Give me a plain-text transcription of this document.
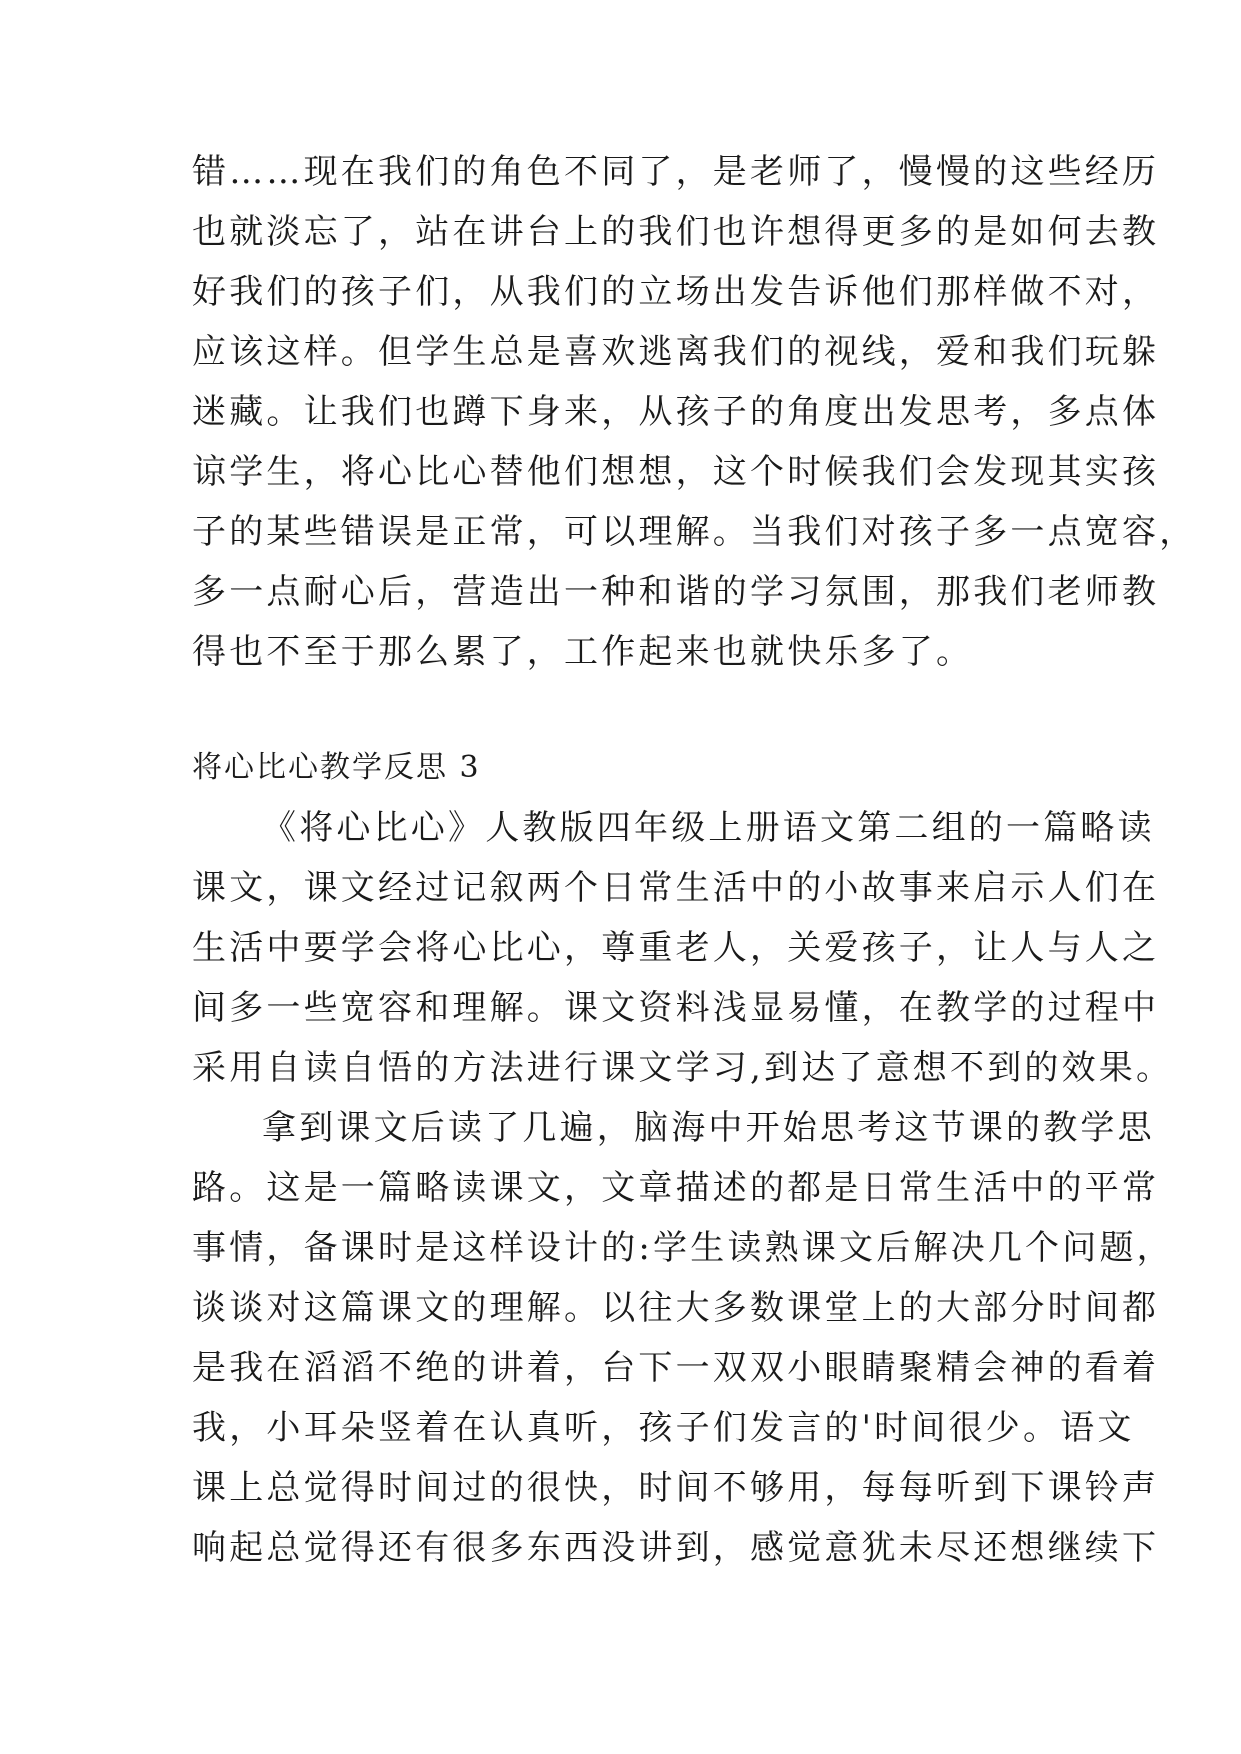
错……现在我们的角色不同了，是老师了，慢慢的这些经历
也就淡忘了，站在讲台上的我们也许想得更多的是如何去教
好我们的孩子们，从我们的立场出发告诉他们那样做不对，
应该这样。但学生总是喜欢逃离我们的视线，爱和我们玩躲
迷藏。让我们也蹲下身来，从孩子的角度出发思考，多点体
谅学生，将心比心替他们想想，这个时候我们会发现其实孩
子的某些错误是正常，可以理解。当我们对孩子多一点宽容，
多一点耐心后，营造出一种和谐的学习氛围，那我们老师教
得也不至于那么累了，工作起来也就快乐多了。
将心比心教学反思 3
《将心比心》人教版四年级上册语文第二组的一篇略读
课文，课文经过记叙两个日常生活中的小故事来启示人们在
生活中要学会将心比心，尊重老人，关爱孩子，让人与人之
间多一些宽容和理解。课文资料浅显易懂，在教学的过程中
采用自读自悟的方法进行课文学习,到达了意想不到的效果。
拿到课文后读了几遍，脑海中开始思考这节课的教学思
路。这是一篇略读课文，文章描述的都是日常生活中的平常
事情，备课时是这样设计的:学生读熟课文后解决几个问题，
谈谈对这篇课文的理解。以往大多数课堂上的大部分时间都
是我在滔滔不绝的讲着，台下一双双小眼睛聚精会神的看着
我，小耳朵竖着在认真听，孩子们发言的'时间很少。语文
课上总觉得时间过的很快，时间不够用，每每听到下课铃声
响起总觉得还有很多东西没讲到，感觉意犹未尽还想继续下
